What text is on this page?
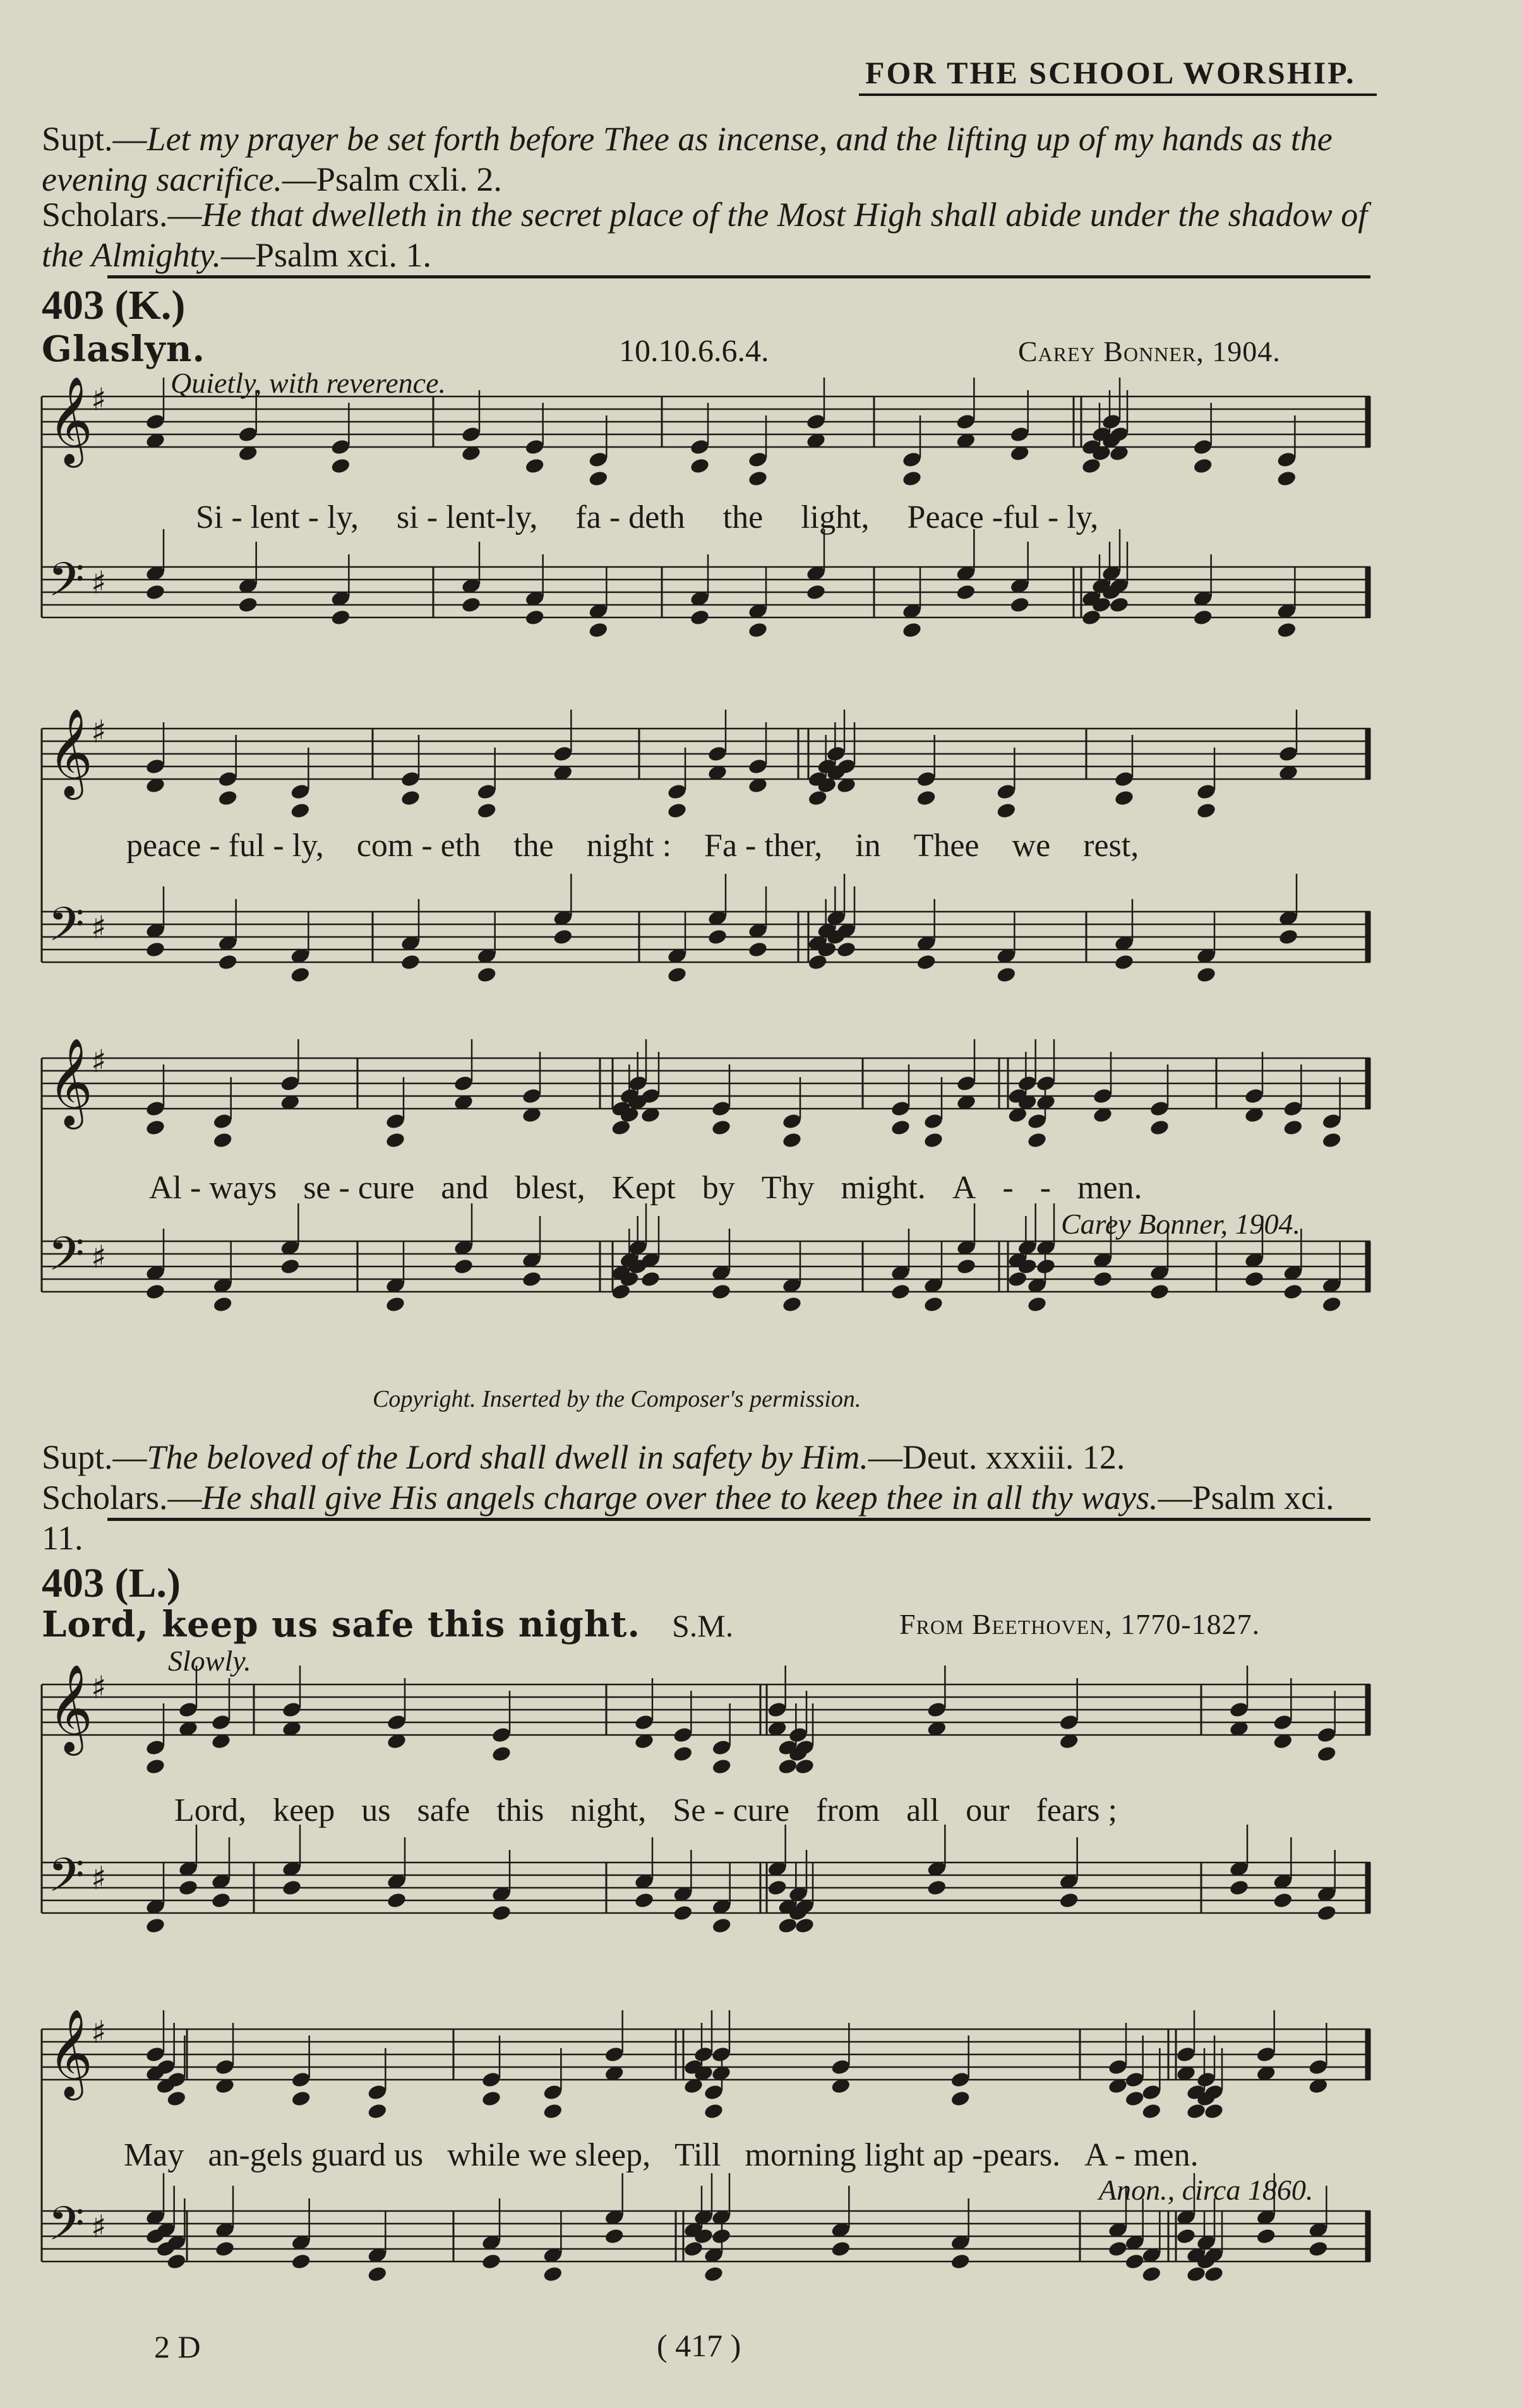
FOR THE SCHOOL WORSHIP.
Supt.—Let my prayer be set forth before Thee as incense, and the lifting up of my hands as the evening sacrifice.—Psalm cxli. 2.
Scholars.—He that dwelleth in the secret place of the Most High shall abide under the shadow of the Almighty.—Psalm xci. 1.
403 (K.)
Glaslyn.	10.10.6.6.4.	Carey Bonner, 1904.
Quietly, with reverence.
𝄞
♯
𝄢 ♯
𝄞
♯
𝄢 ♯
𝄞
♯
𝄢 ♯
𝄞
♯
𝄢 ♯
𝄞
♯
𝄢 ♯
Si - lent - ly, si - lent-ly, fa - deth the light, Peace -ful - ly,
peace - ful - ly, com - eth the night : Fa - ther, in Thee we rest,
Al - ways se - cure and blest, Kept by Thy might. A - - men.
Carey Bonner, 1904.
Copyright. Inserted by the Composer's permission.
Supt.—The beloved of the Lord shall dwell in safety by Him.—Deut. xxxiii. 12.
Scholars.—He shall give His angels charge over thee to keep thee in all thy ways.—Psalm xci. 11.
403 (L.)
Lord, keep us safe this night. S.M.	From Beethoven, 1770-1827.
Slowly.
Lord, keep us safe this night, Se - cure from all our fears ;
May an-gels guard us while we sleep, Till morning light ap -pears. A - men.
Anon., circa 1860.
2 D	( 417 )
